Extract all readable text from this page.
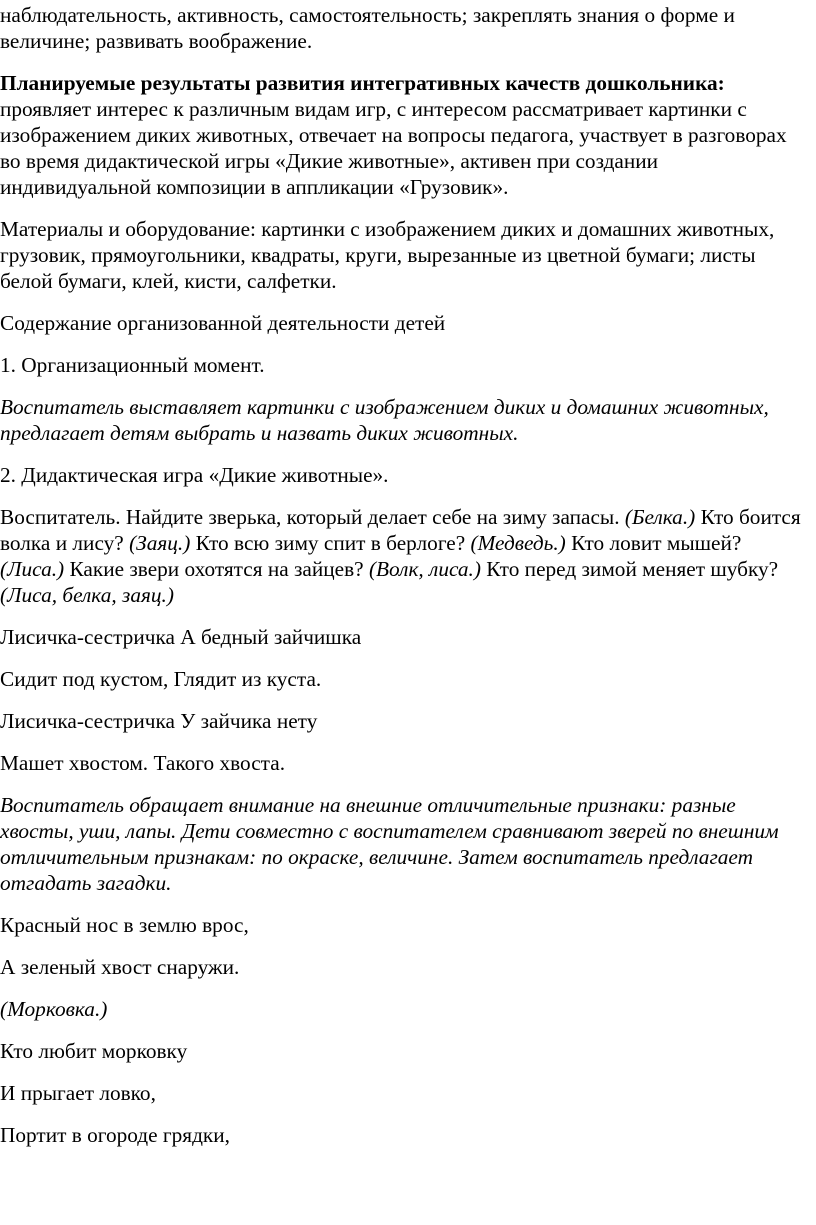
наблюдательность, активность, самостоятельность; закреплять знания о форме и величине; развивать воображение.

Планируемые результаты развития интегративных качеств дошкольника: проявляет интерес к различным видам игр, с интересом рассматривает картинки с изображением диких животных, отвечает на вопросы педагога, участвует в разговорах во время дидактической игры «Дикие животные», активен при создании индивидуальной композиции в аппликации «Грузовик».

Материалы и оборудование: картинки с изображением диких и домашних животных, грузовик, прямоугольники, квадраты, круги, вырезанные из цветной бумаги; листы белой бумаги, клей, кисти, салфетки.

Содержание организованной деятельности детей

1. Организационный момент.

Воспитатель выставляет картинки с изображением диких и домашних животных, предлагает детям выбрать и назвать диких животных.

2. Дидактическая игра «Дикие животные».

Воспитатель. Найдите зверька, который делает себе на зиму запасы. (Белка.) Кто боится волка и лису? (Заяц.) Кто всю зиму спит в берлоге? (Медведь.) Кто ловит мышей? (Лиса.) Какие звери охотятся на зайцев? (Волк, лиса.) Кто перед зимой меняет шубку? (Лиса, белка, заяц.)

Лисичка-сестричка А бедный зайчишка

Сидит под кустом, Глядит из куста.

Лисичка-сестричка У зайчика нету

Машет хвостом. Такого хвоста.

Воспитатель обращает внимание на внешние отличительные признаки: разные хвосты, уши, лапы. Дети совместно с воспитателем сравнивают зверей по внешним отличительным признакам: по окраске, величине. Затем воспитатель предлагает отгадать загадки.

Красный нос в землю врос,

А зеленый хвост снаружи.

(Морковка.)

Кто любит морковку

И прыгает ловко,

Портит в огороде грядки,
